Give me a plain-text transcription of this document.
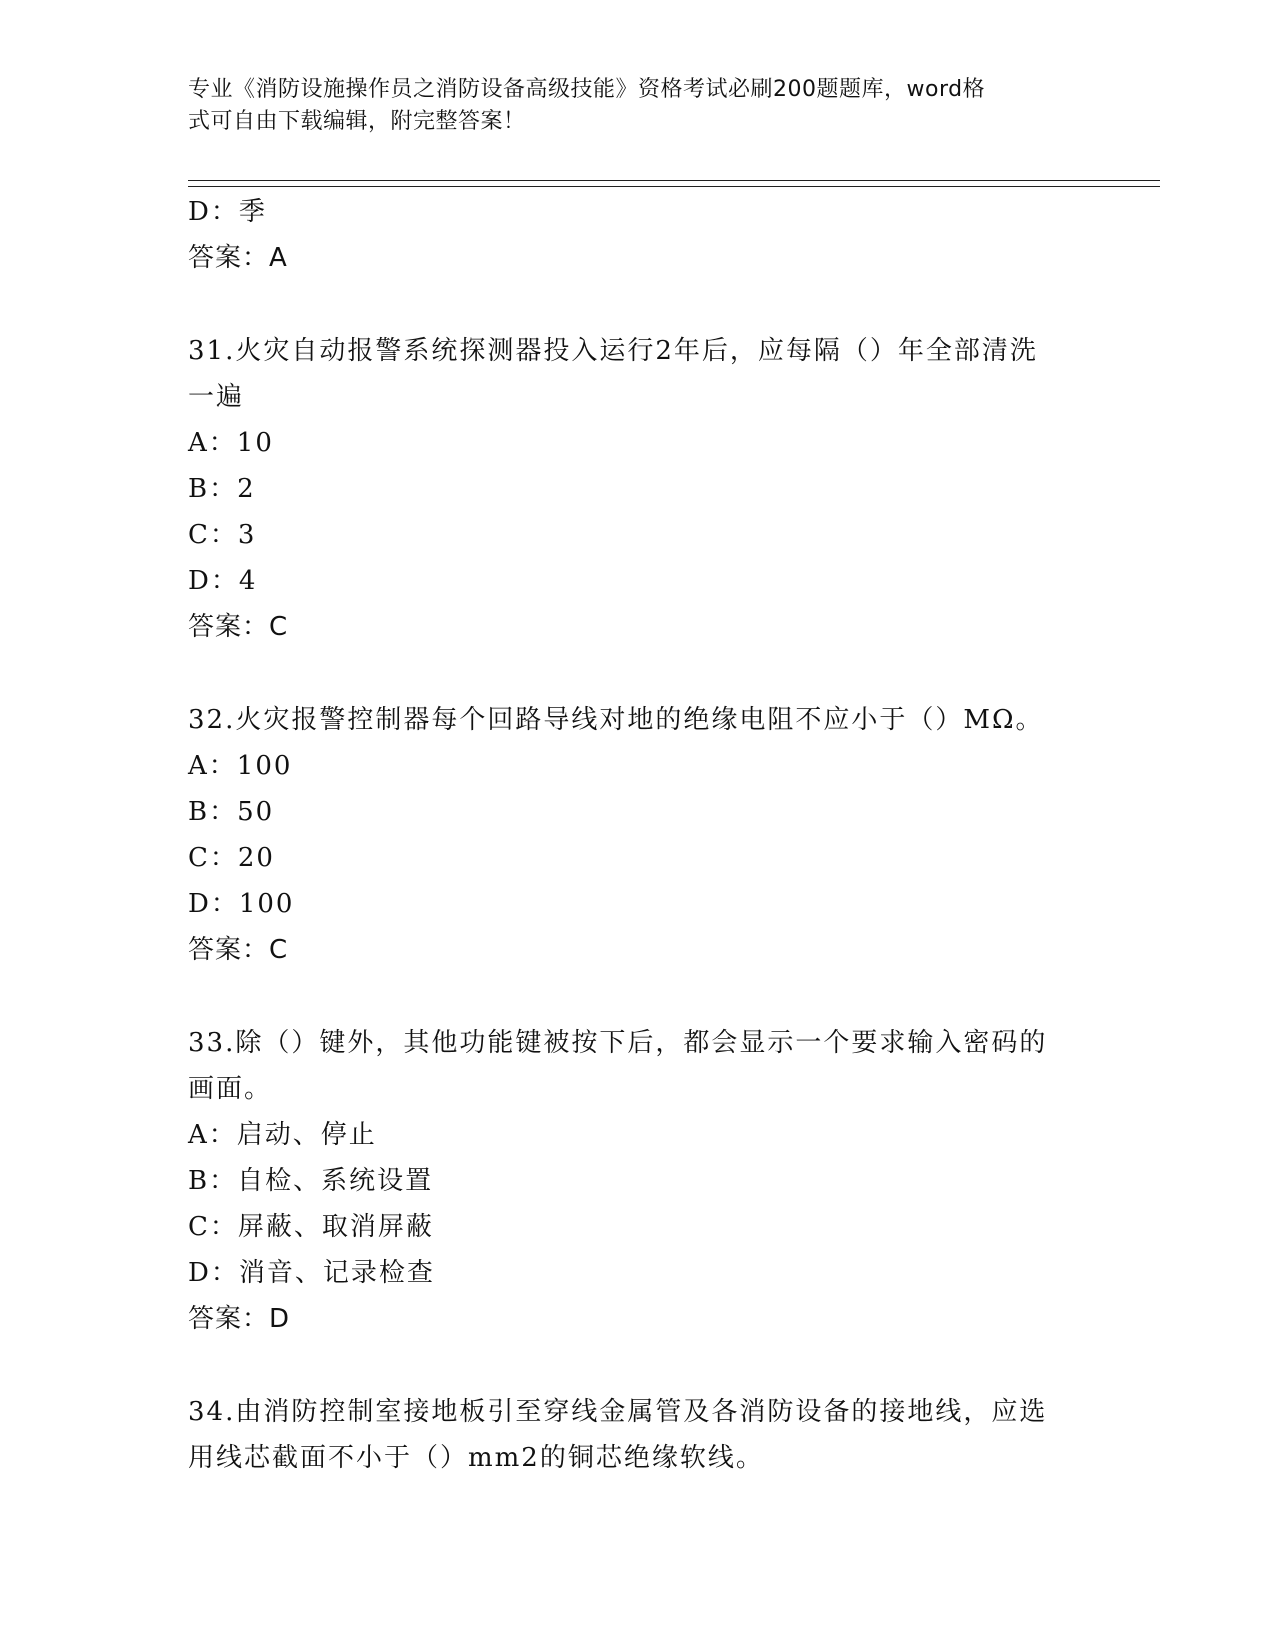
专业《消防设施操作员之消防设备高级技能》资格考试必刷200题题库，word格
式可自由下载编辑，附完整答案！
D：季
答案：A
31.火灾自动报警系统探测器投入运行2年后，应每隔（）年全部清洗
一遍
A：10
B：2
C：3
D：4
答案：C
32.火灾报警控制器每个回路导线对地的绝缘电阻不应小于（）MΩ。
A：100
B：50
C：20
D：100
答案：C
33.除（）键外，其他功能键被按下后，都会显示一个要求输入密码的
画面。
A：启动、停止
B：自检、系统设置
C：屏蔽、取消屏蔽
D：消音、记录检查
答案：D
34.由消防控制室接地板引至穿线金属管及各消防设备的接地线，应选
用线芯截面不小于（）mm2的铜芯绝缘软线。
